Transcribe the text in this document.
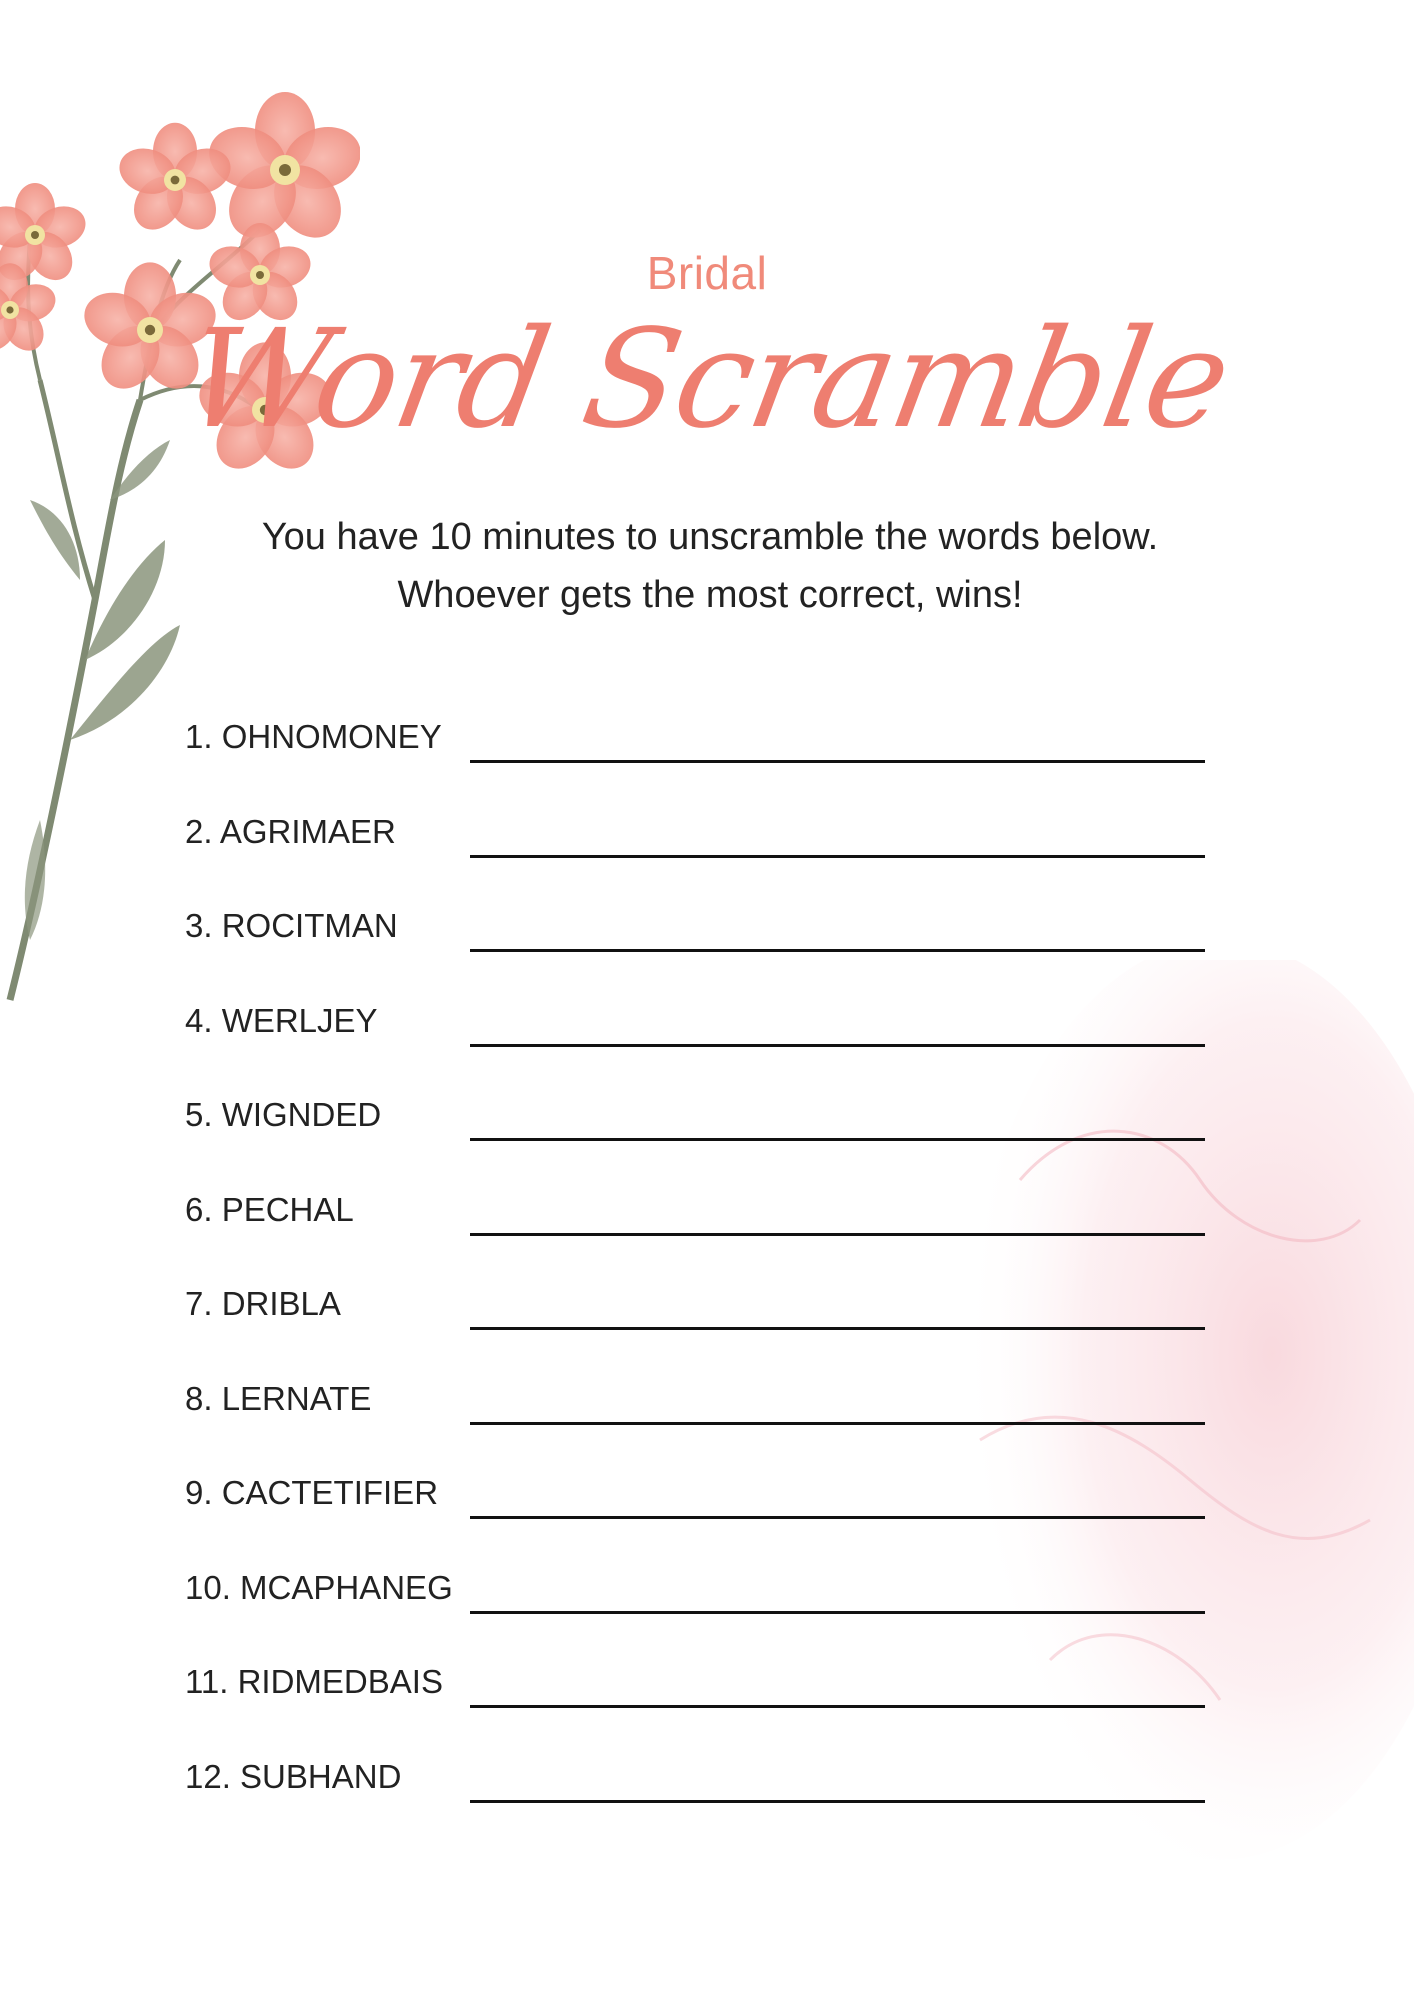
Bridal
Word Scramble
You have 10 minutes to unscramble the words below. Whoever gets the most correct, wins!
1. OHNOMONEY
2. AGRIMAER
3. ROCITMAN
4. WERLJEY
5. WIGNDED
6. PECHAL
7. DRIBLA
8. LERNATE
9. CACTETIFIER
10. MCAPHANEG
11. RIDMEDBAIS
12. SUBHAND
